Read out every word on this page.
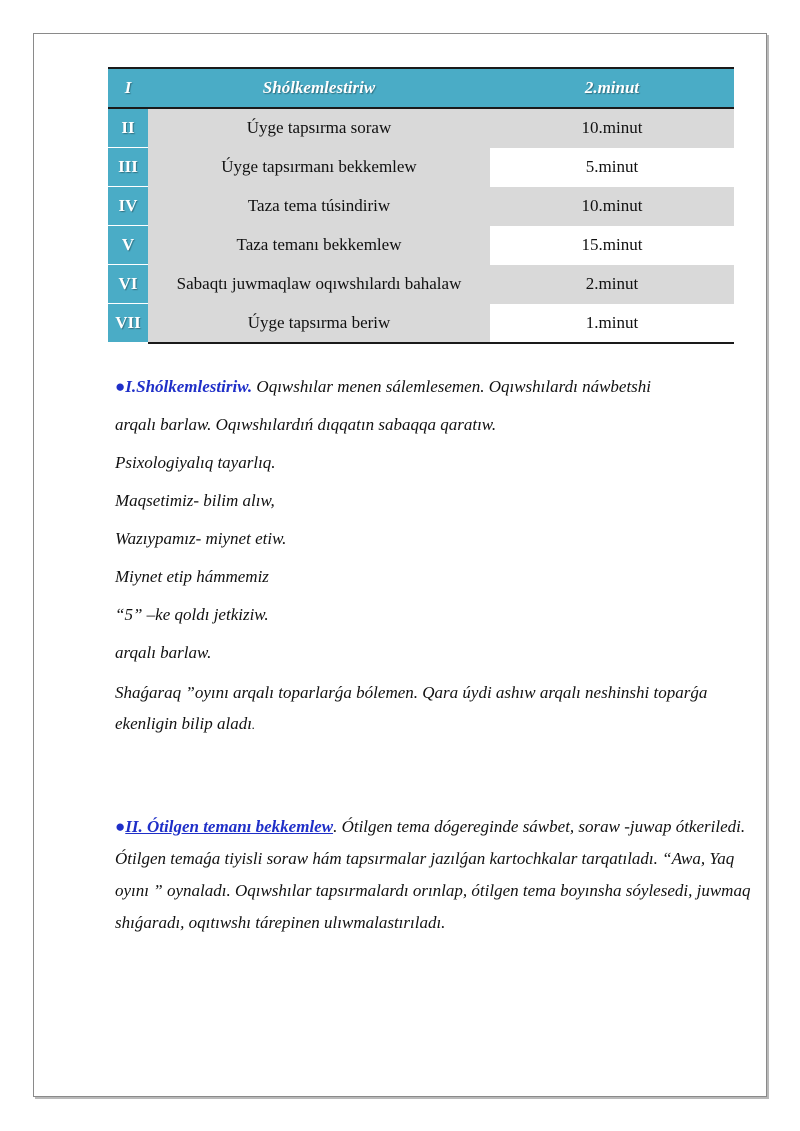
I	Shólkemlestiriw	2.minut
II	Úyge tapsırma soraw	10.minut
III	Úyge tapsırmanı bekkemlew	5.minut
IV	Taza tema túsindiriw	10.minut
V	Taza temanı bekkemlew	15.minut
VI	Sabaqtı juwmaqlaw oqıwshılardı bahalaw	2.minut
VII	Úyge tapsırma beriw	1.minut

●I.Shólkemlestiriw. Oqıwshılar menen sálemlesemen. Oqıwshılardı náwbetshi

arqalı barlaw. Oqıwshılardıń dıqqatın sabaqqa qaratıw.

Psixologiyalıq tayarlıq.

Maqsetimiz- bilim alıw,

Wazıypamız- miynet etiw.

Miynet etip hámmemiz

“5” –ke qoldı jetkiziw.

arqalı barlaw.

Shaǵaraq ”oyını arqalı toparlarǵa bólemen. Qara úydi ashıw arqalı neshinshi toparǵa ekenligin bilip aladı.

●II. Ótilgen temanı bekkemlew. Ótilgen tema dógereginde sáwbet, soraw -juwap ótkeriledi. Ótilgen temaǵa tiyisli soraw hám tapsırmalar jazılǵan kartochkalar tarqatıladı. “Awa, Yaq oyını ” oynaladı. Oqıwshılar tapsırmalardı orınlap, ótilgen tema boyınsha sóylesedi, juwmaq shıǵaradı, oqıtıwshı tárepinen ulıwmalastırıladı.
